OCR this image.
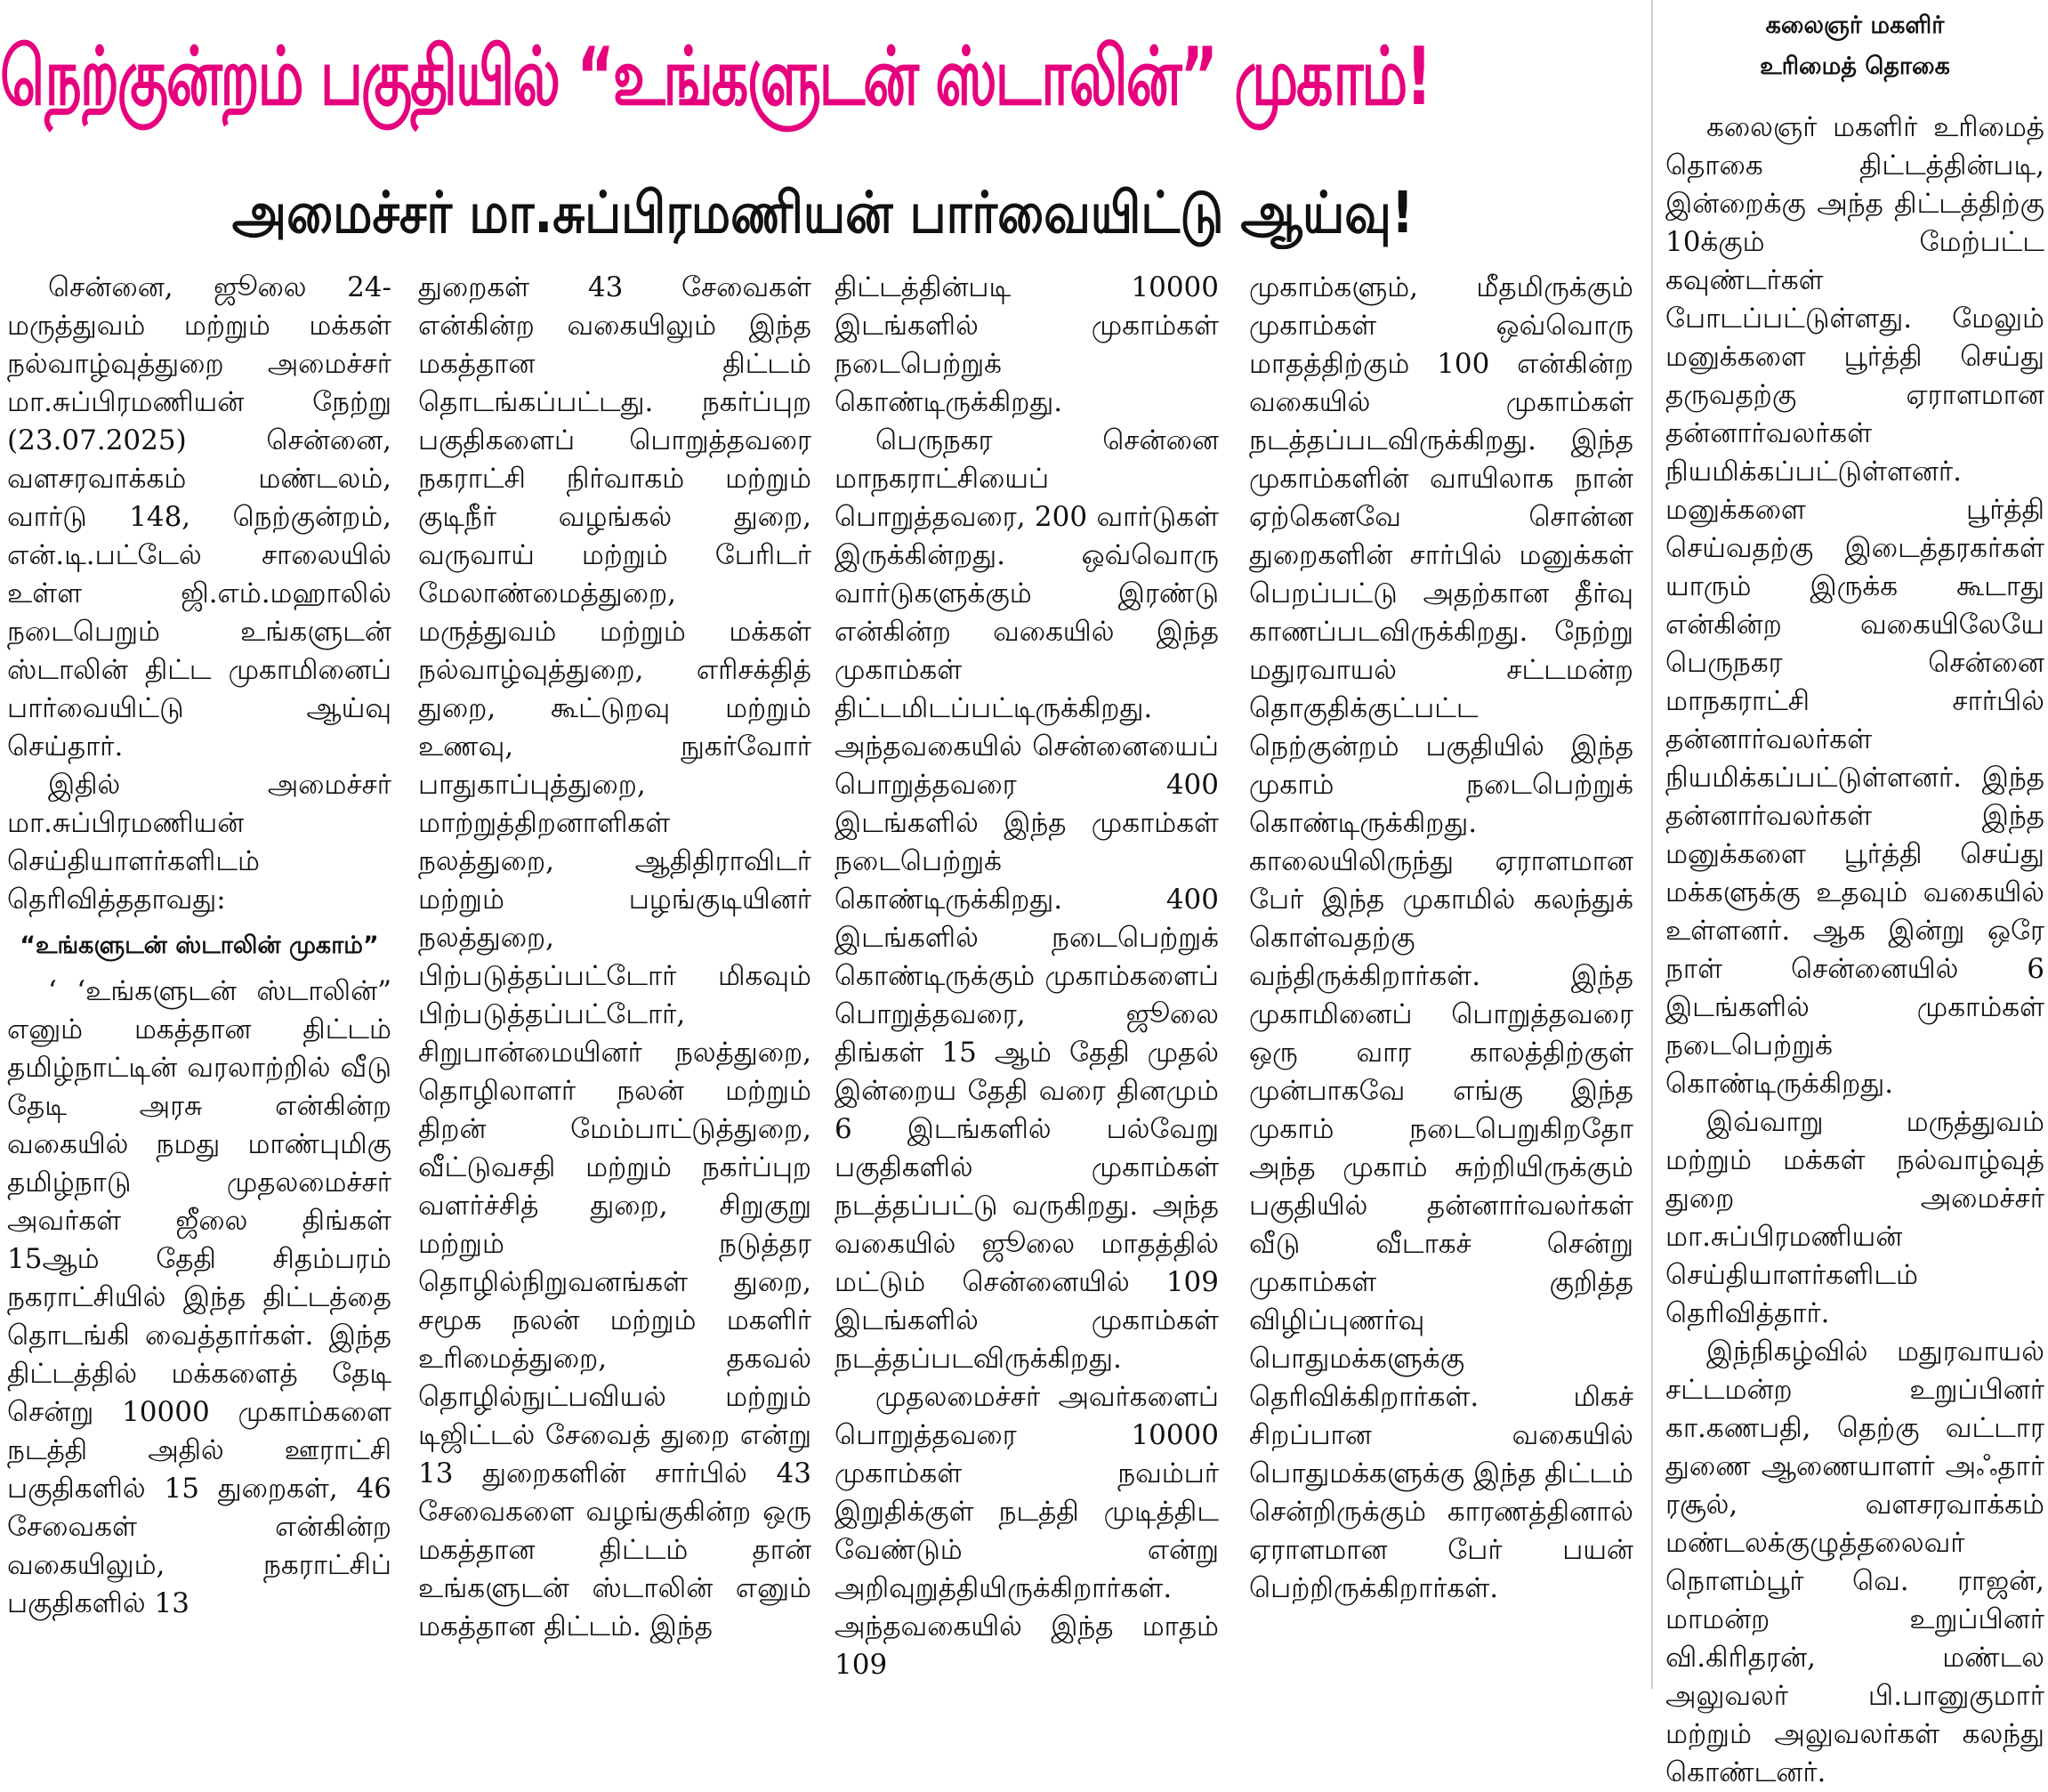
நெற்குன்றம் பகுதியில் “உங்களுடன் ஸ்டாலின்” முகாம்!
அமைச்சர் மா.சுப்பிரமணியன் பார்வையிட்டு ஆய்வு!

சென்னை, ஜூலை 24- மருத்துவம் மற்றும் மக்கள் நல்வாழ்வுத்துறை அமைச்சர் மா.சுப்பிரமணியன் நேற்று (23.07.2025) சென்னை, வளசரவாக்கம் மண்டலம், வார்டு 148, நெற்குன்றம், என்.டி.பட்டேல் சாலையில் உள்ள ஜி.எம்.மஹாலில் நடைபெறும் உங்களுடன் ஸ்டாலின் திட்ட முகாமினைப் பார்வையிட்டு ஆய்வு செய்தார்.

இதில் அமைச்சர் மா.சுப்பிரமணியன் செய்தியாளர்களிடம் தெரிவித்ததாவது:

“உங்களுடன் ஸ்டாலின் முகாம்”

‘ ‘உங்களுடன் ஸ்டாலின்” எனும் மகத்தான திட்டம் தமிழ்நாட்டின் வரலாற்றில் வீடு தேடி அரசு என்கின்ற வகையில் நமது மாண்புமிகு தமிழ்நாடு முதலமைச்சர் அவர்கள் ஜீலை திங்கள் 15ஆம் தேதி சிதம்பரம் நகராட்சியில் இந்த திட்டத்தை தொடங்கி வைத்தார்கள். இந்த திட்டத்தில் மக்களைத் தேடி சென்று 10000 முகாம்களை நடத்தி அதில் ஊராட்சி பகுதிகளில் 15 துறைகள், 46 சேவைகள் என்கின்ற வகையிலும், நகராட்சிப் பகுதிகளில் 13

துறைகள் 43 சேவைகள் என்கின்ற வகையிலும் இந்த மகத்தான திட்டம் தொடங்கப்பட்டது. நகர்ப்புற பகுதிகளைப் பொறுத்தவரை நகராட்சி நிர்வாகம் மற்றும் குடிநீர் வழங்கல் துறை, வருவாய் மற்றும் பேரிடர் மேலாண்மைத்துறை, மருத்துவம் மற்றும் மக்கள் நல்வாழ்வுத்துறை, எரிசக்தித் துறை, கூட்டுறவு மற்றும் உணவு, நுகர்வோர் பாதுகாப்புத்துறை, மாற்றுத்திறனாளிகள் நலத்துறை, ஆதிதிராவிடர் மற்றும் பழங்குடியினர் நலத்துறை, பிற்படுத்தப்பட்டோர் மிகவும் பிற்படுத்தப்பட்டோர், சிறுபான்மையினர் நலத்துறை, தொழிலாளர் நலன் மற்றும் திறன் மேம்பாட்டுத்துறை, வீட்டுவசதி மற்றும் நகர்ப்புற வளர்ச்சித் துறை, சிறுகுறு மற்றும் நடுத்தர தொழில்நிறுவனங்கள் துறை, சமூக நலன் மற்றும் மகளிர் உரிமைத்துறை, தகவல் தொழில்நுட்பவியல் மற்றும் டிஜிட்டல் சேவைத் துறை என்று 13 துறைகளின் சார்பில் 43 சேவைகளை வழங்குகின்ற ஒரு மகத்தான திட்டம் தான் உங்களுடன் ஸ்டாலின் எனும் மகத்தான திட்டம். இந்த

திட்டத்தின்படி 10000 இடங்களில் முகாம்கள் நடைபெற்றுக் கொண்டிருக்கிறது.

பெருநகர சென்னை மாநகராட்சியைப் பொறுத்தவரை, 200 வார்டுகள் இருக்கின்றது. ஒவ்வொரு வார்டுகளுக்கும் இரண்டு என்கின்ற வகையில் இந்த முகாம்கள் திட்டமிடப்பட்டிருக்கிறது. அந்தவகையில் சென்னையைப் பொறுத்தவரை 400 இடங்களில் இந்த முகாம்கள் நடைபெற்றுக் கொண்டிருக்கிறது. 400 இடங்களில் நடைபெற்றுக் கொண்டிருக்கும் முகாம்களைப் பொறுத்தவரை, ஜூலை திங்கள் 15 ஆம் தேதி முதல் இன்றைய தேதி வரை தினமும் 6 இடங்களில் பல்வேறு பகுதிகளில் முகாம்கள் நடத்தப்பட்டு வருகிறது. அந்த வகையில் ஜூலை மாதத்தில் மட்டும் சென்னையில் 109 இடங்களில் முகாம்கள் நடத்தப்படவிருக்கிறது.

முதலமைச்சர் அவர்களைப் பொறுத்தவரை 10000 முகாம்கள் நவம்பர் இறுதிக்குள் நடத்தி முடித்திட வேண்டும் என்று அறிவுறுத்தியிருக்கிறார்கள். அந்தவகையில் இந்த மாதம் 109

முகாம்களும், மீதமிருக்கும் முகாம்கள் ஒவ்வொரு மாதத்திற்கும் 100 என்கின்ற வகையில் முகாம்கள் நடத்தப்படவிருக்கிறது. இந்த முகாம்களின் வாயிலாக நான் ஏற்கெனவே சொன்ன துறைகளின் சார்பில் மனுக்கள் பெறப்பட்டு அதற்கான தீர்வு காணப்படவிருக்கிறது. நேற்று மதுரவாயல் சட்டமன்ற தொகுதிக்குட்பட்ட நெற்குன்றம் பகுதியில் இந்த முகாம் நடைபெற்றுக் கொண்டிருக்கிறது. காலையிலிருந்து ஏராளமான பேர் இந்த முகாமில் கலந்துக் கொள்வதற்கு வந்திருக்கிறார்கள். இந்த முகாமினைப் பொறுத்தவரை ஒரு வார காலத்திற்குள் முன்பாகவே எங்கு இந்த முகாம் நடைபெறுகிறதோ அந்த முகாம் சுற்றியிருக்கும் பகுதியில் தன்னார்வலர்கள் வீடு வீடாகச் சென்று முகாம்கள் குறித்த விழிப்புணர்வு பொதுமக்களுக்கு தெரிவிக்கிறார்கள். மிகச் சிறப்பான வகையில் பொதுமக்களுக்கு இந்த திட்டம் சென்றிருக்கும் காரணத்தினால் ஏராளமான பேர் பயன் பெற்றிருக்கிறார்கள்.

கலைஞர் மகளிர்
உரிமைத் தொகை

கலைஞர் மகளிர் உரிமைத் தொகை திட்டத்தின்படி, இன்றைக்கு அந்த திட்டத்திற்கு 10க்கும் மேற்பட்ட கவுண்டர்கள் போடப்பட்டுள்ளது. மேலும் மனுக்களை பூர்த்தி செய்து தருவதற்கு ஏராளமான தன்னார்வலர்கள் நியமிக்கப்பட்டுள்ளனர். மனுக்களை பூர்த்தி செய்வதற்கு இடைத்தரகர்கள் யாரும் இருக்க கூடாது என்கின்ற வகையிலேயே பெருநகர சென்னை மாநகராட்சி சார்பில் தன்னார்வலர்கள் நியமிக்கப்பட்டுள்ளனர். இந்த தன்னார்வலர்கள் இந்த மனுக்களை பூர்த்தி செய்து மக்களுக்கு உதவும் வகையில் உள்ளனர். ஆக இன்று ஒரே நாள் சென்னையில் 6 இடங்களில் முகாம்கள் நடைபெற்றுக் கொண்டிருக்கிறது.

இவ்வாறு மருத்துவம் மற்றும் மக்கள் நல்வாழ்வுத் துறை அமைச்சர் மா.சுப்பிரமணியன் செய்தியாளர்களிடம் தெரிவித்தார்.

இந்நிகழ்வில் மதுரவாயல் சட்டமன்ற உறுப்பினர் கா.கணபதி, தெற்கு வட்டார துணை ஆணையாளர் அஃதார் ரசூல், வளசரவாக்கம் மண்டலக்குழுத்தலைவர் நொளம்பூர் வெ. ராஜன், மாமன்ற உறுப்பினர் வி.கிரிதரன், மண்டல அலுவலர் பி.பானுகுமார் மற்றும் அலுவலர்கள் கலந்து கொண்டனர்.
